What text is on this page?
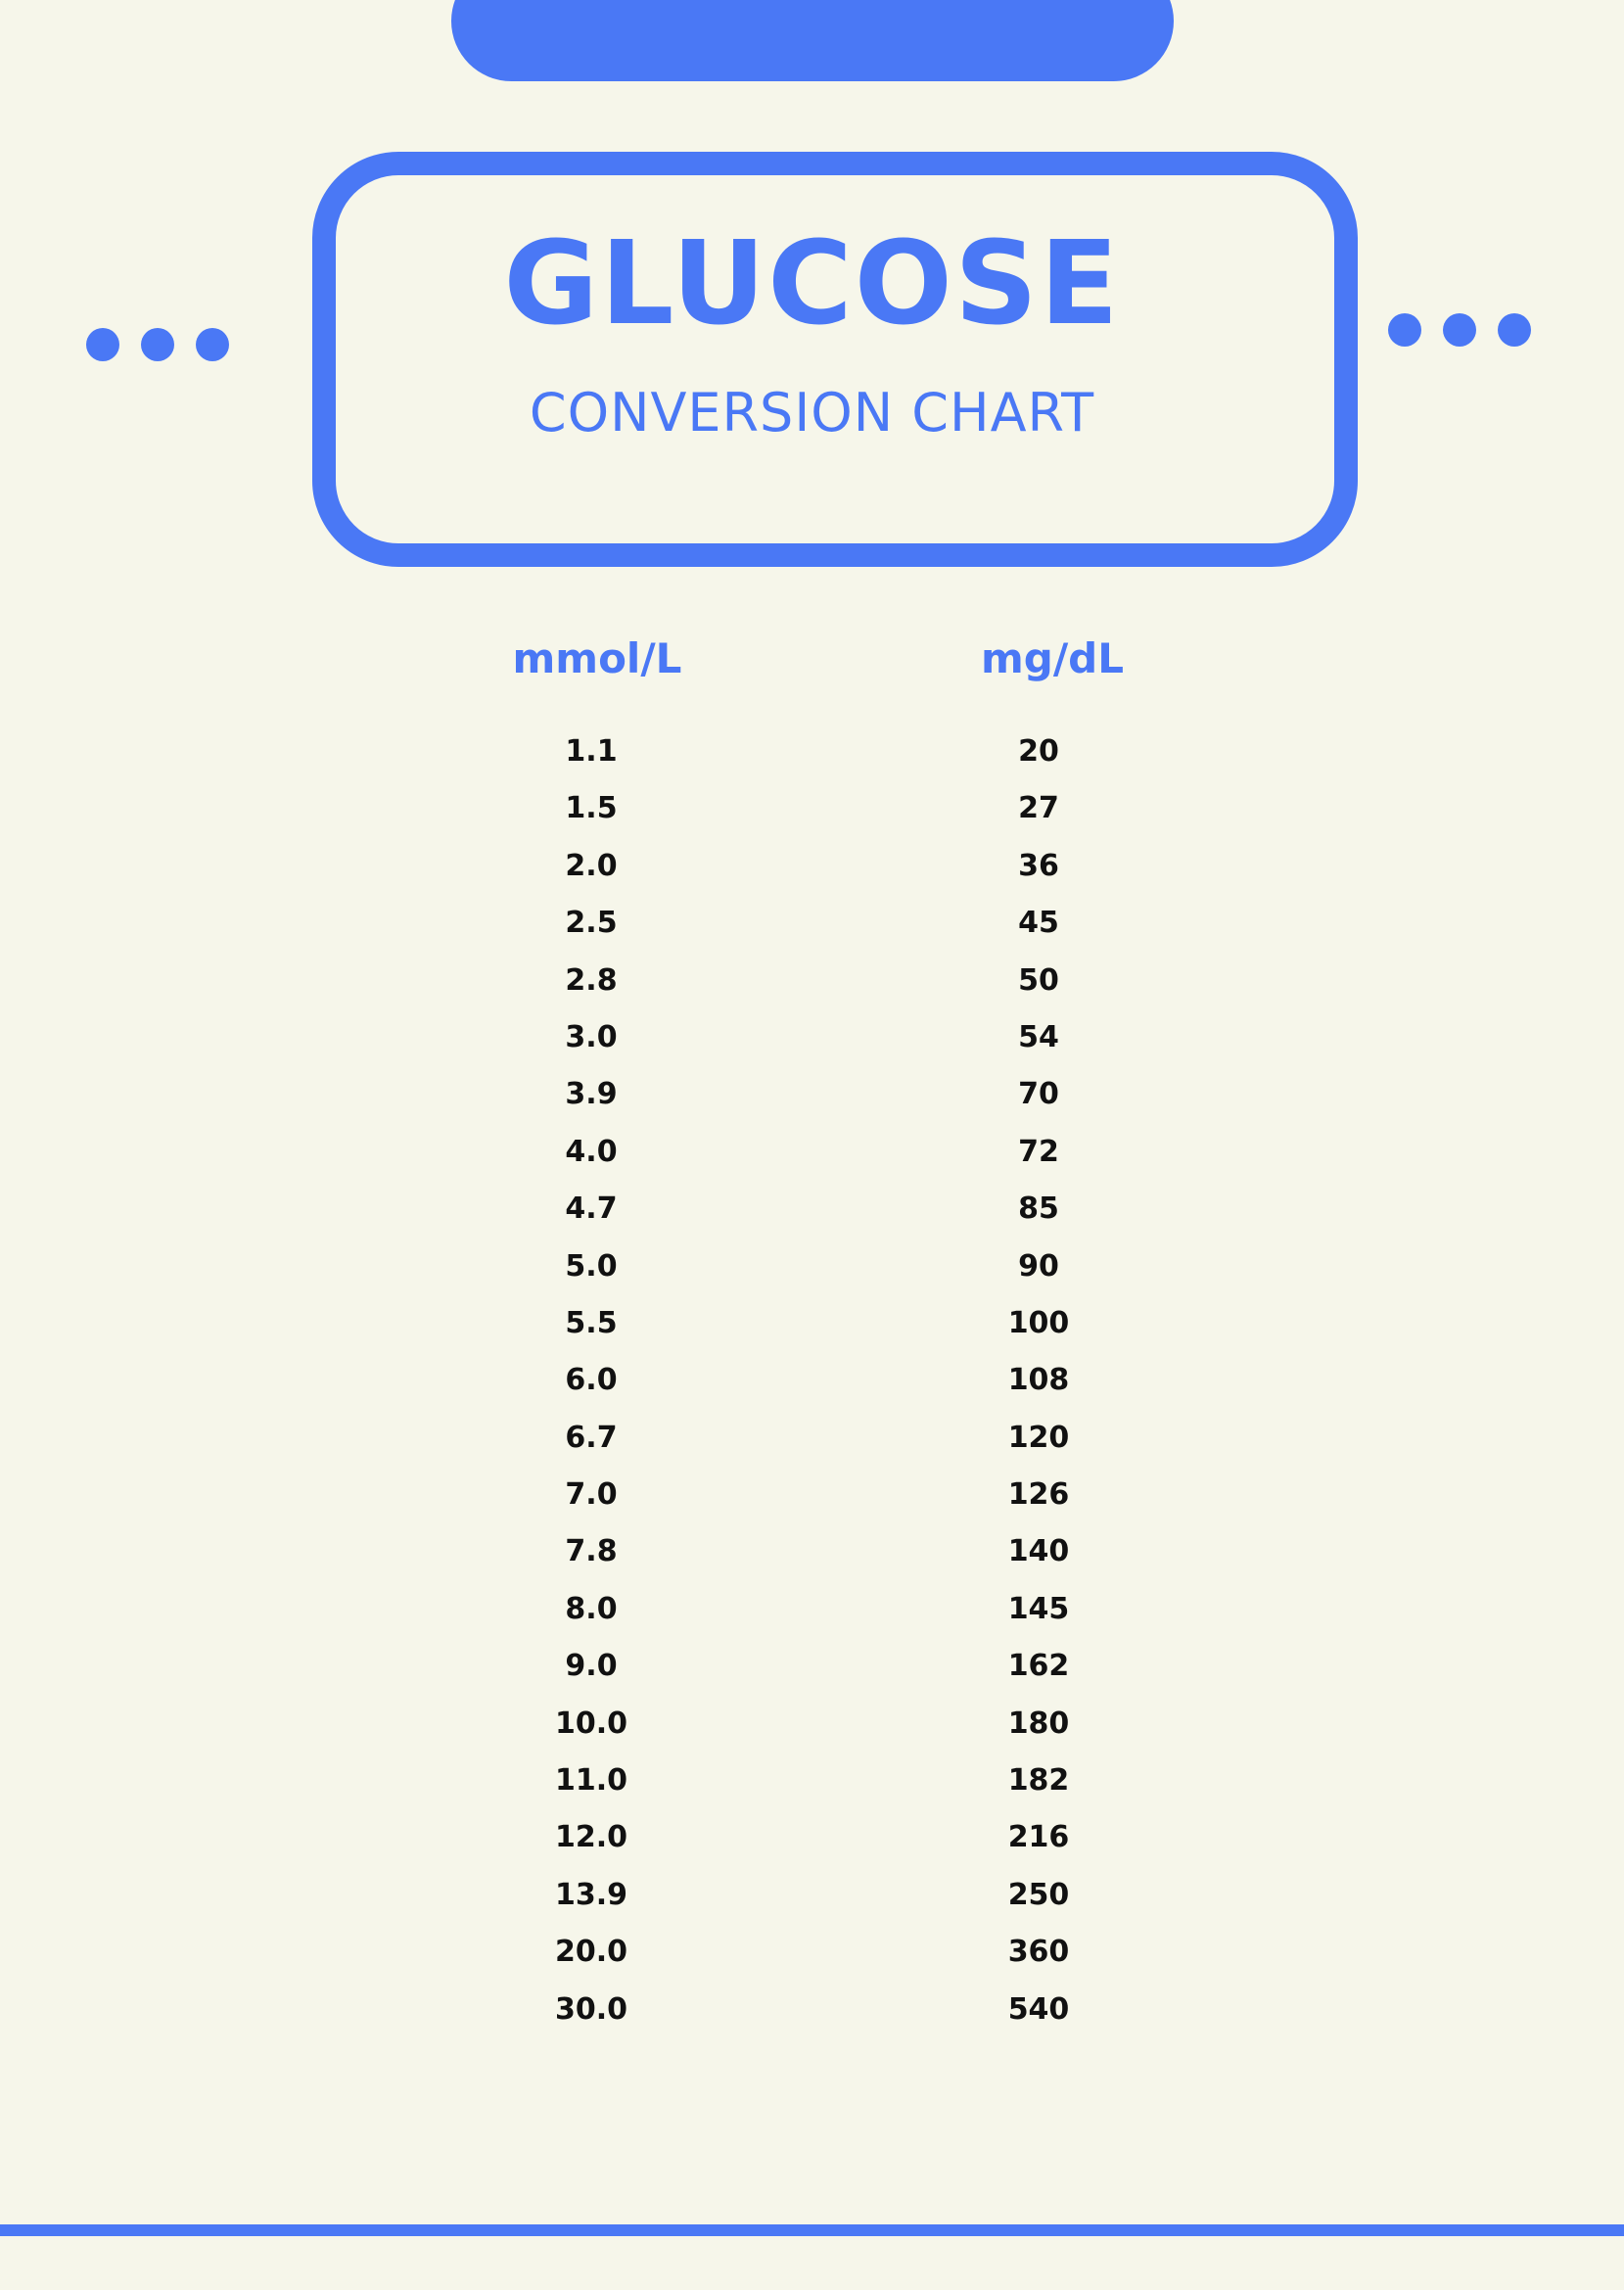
GLUCOSE
CONVERSION CHART
mmol/L	mg/dL
1.1	20
1.5	27
2.0	36
2.5	45
2.8	50
3.0	54
3.9	70
4.0	72
4.7	85
5.0	90
5.5	100
6.0	108
6.7	120
7.0	126
7.8	140
8.0	145
9.0	162
10.0	180
11.0	182
12.0	216
13.9	250
20.0	360
30.0	540
